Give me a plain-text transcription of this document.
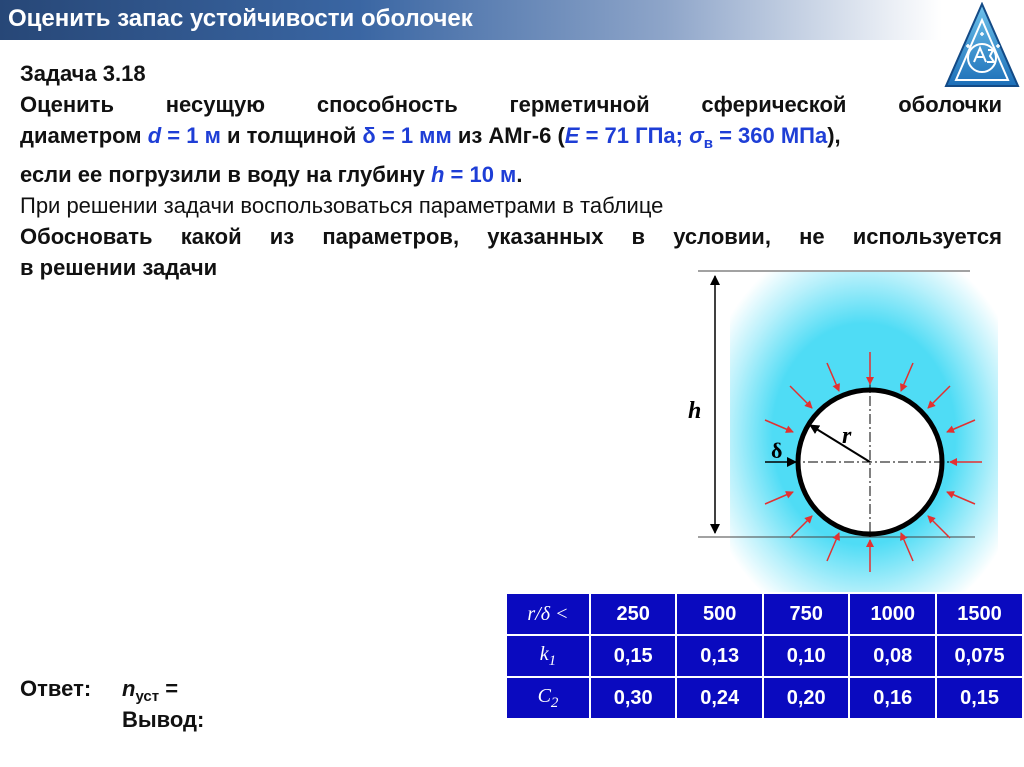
Оценить запас устойчивости оболочек
Задача 3.18
Оценить несущую способность герметичной сферической оболочки
диаметром d = 1 м и толщиной δ = 1 мм из АМг-6 (E = 71 ГПа; $\sigma_в = 360$ МПа),
если ее погрузили в воду на глубину h = 10 м.
При решении задачи воспользоваться параметрами в таблице
Обосновать какой из параметров, указанных в условии, не используется
в решении задачи
h
r
δ
r/δ <	250	500	750	1000	1500
$k_1$	0,15	0,13	0,10	0,08	0,075
$C_2$	0,30	0,24	0,20	0,16	0,15
Ответ: $n_{уст}$ =
Вывод:
